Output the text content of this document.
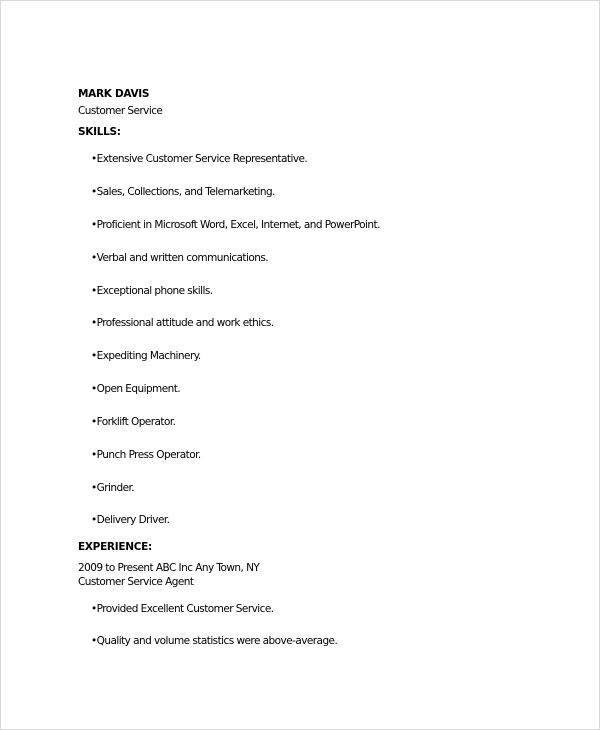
MARK DAVIS
Customer Service
SKILLS:
•Extensive Customer Service Representative.
•Sales, Collections, and Telemarketing.
•Proficient in Microsoft Word, Excel, Internet, and PowerPoint.
•Verbal and written communications.
•Exceptional phone skills.
•Professional attitude and work ethics.
•Expediting Machinery.
•Open Equipment.
•Forklift Operator.
•Punch Press Operator.
•Grinder.
•Delivery Driver.
EXPERIENCE:
2009 to Present ABC Inc Any Town, NY
Customer Service Agent
•Provided Excellent Customer Service.
•Quality and volume statistics were above-average.
